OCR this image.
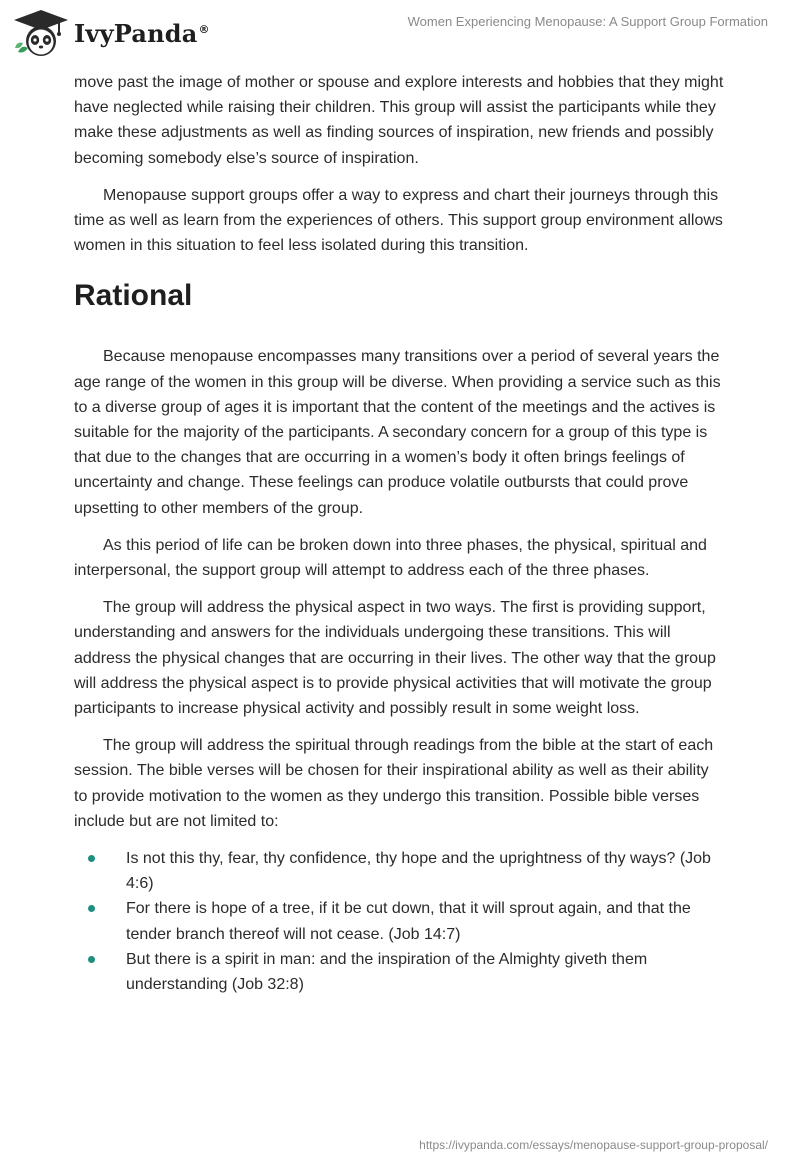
IvyPanda®	Women Experiencing Menopause: A Support Group Formation

move past the image of mother or spouse and explore interests and hobbies that they might have neglected while raising their children. This group will assist the participants while they make these adjustments as well as finding sources of inspiration, new friends and possibly becoming somebody else’s source of inspiration.

Menopause support groups offer a way to express and chart their journeys through this time as well as learn from the experiences of others. This support group environment allows women in this situation to feel less isolated during this transition.

Rational

Because menopause encompasses many transitions over a period of several years the age range of the women in this group will be diverse. When providing a service such as this to a diverse group of ages it is important that the content of the meetings and the actives is suitable for the majority of the participants. A secondary concern for a group of this type is that due to the changes that are occurring in a women’s body it often brings feelings of uncertainty and change. These feelings can produce volatile outbursts that could prove upsetting to other members of the group.

As this period of life can be broken down into three phases, the physical, spiritual and interpersonal, the support group will attempt to address each of the three phases.

The group will address the physical aspect in two ways. The first is providing support, understanding and answers for the individuals undergoing these transitions. This will address the physical changes that are occurring in their lives. The other way that the group will address the physical aspect is to provide physical activities that will motivate the group participants to increase physical activity and possibly result in some weight loss.

The group will address the spiritual through readings from the bible at the start of each session. The bible verses will be chosen for their inspirational ability as well as their ability to provide motivation to the women as they undergo this transition. Possible bible verses include but are not limited to:

Is not this thy, fear, thy confidence, thy hope and the uprightness of thy ways? (Job 4:6)
For there is hope of a tree, if it be cut down, that it will sprout again, and that the tender branch thereof will not cease. (Job 14:7)
But there is a spirit in man: and the inspiration of the Almighty giveth them understanding (Job 32:8)
https://ivypanda.com/essays/menopause-support-group-proposal/
